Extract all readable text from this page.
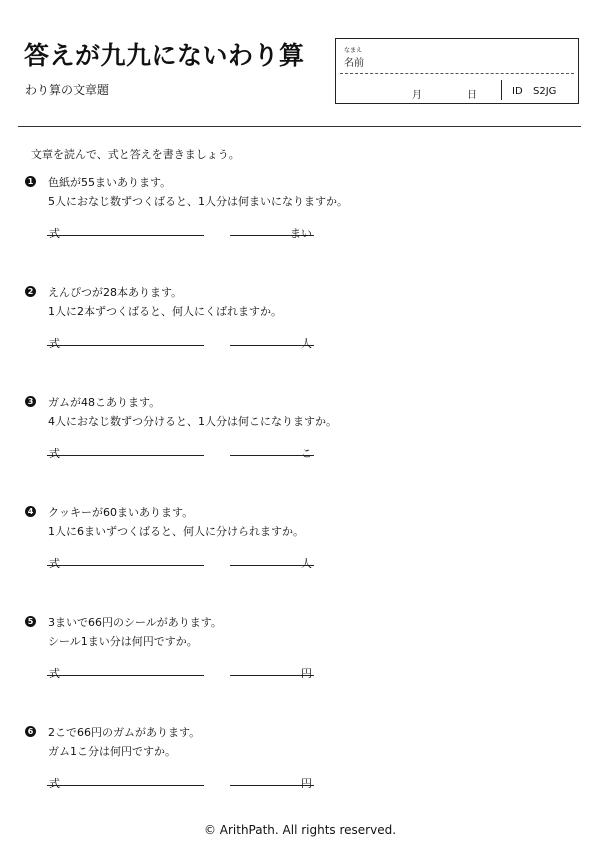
答えが九九にないわり算
わり算の文章題
なまえ
名前
月	日	ID S2JG
文章を読んで、式と答えを書きましょう。
1 色紙が55まいあります。
5人におなじ数ずつくばると、1人分は何まいになりますか。
式	まい
2 えんぴつが28本あります。
1人に2本ずつくばると、何人にくばれますか。
式	人
3 ガムが48こあります。
4人におなじ数ずつ分けると、1人分は何こになりますか。
式	こ
4 クッキーが60まいあります。
1人に6まいずつくばると、何人に分けられますか。
式	人
5 3まいで66円のシールがあります。
シール1まい分は何円ですか。
式	円
6 2こで66円のガムがあります。
ガム1こ分は何円ですか。
式	円
© ArithPath. All rights reserved.
